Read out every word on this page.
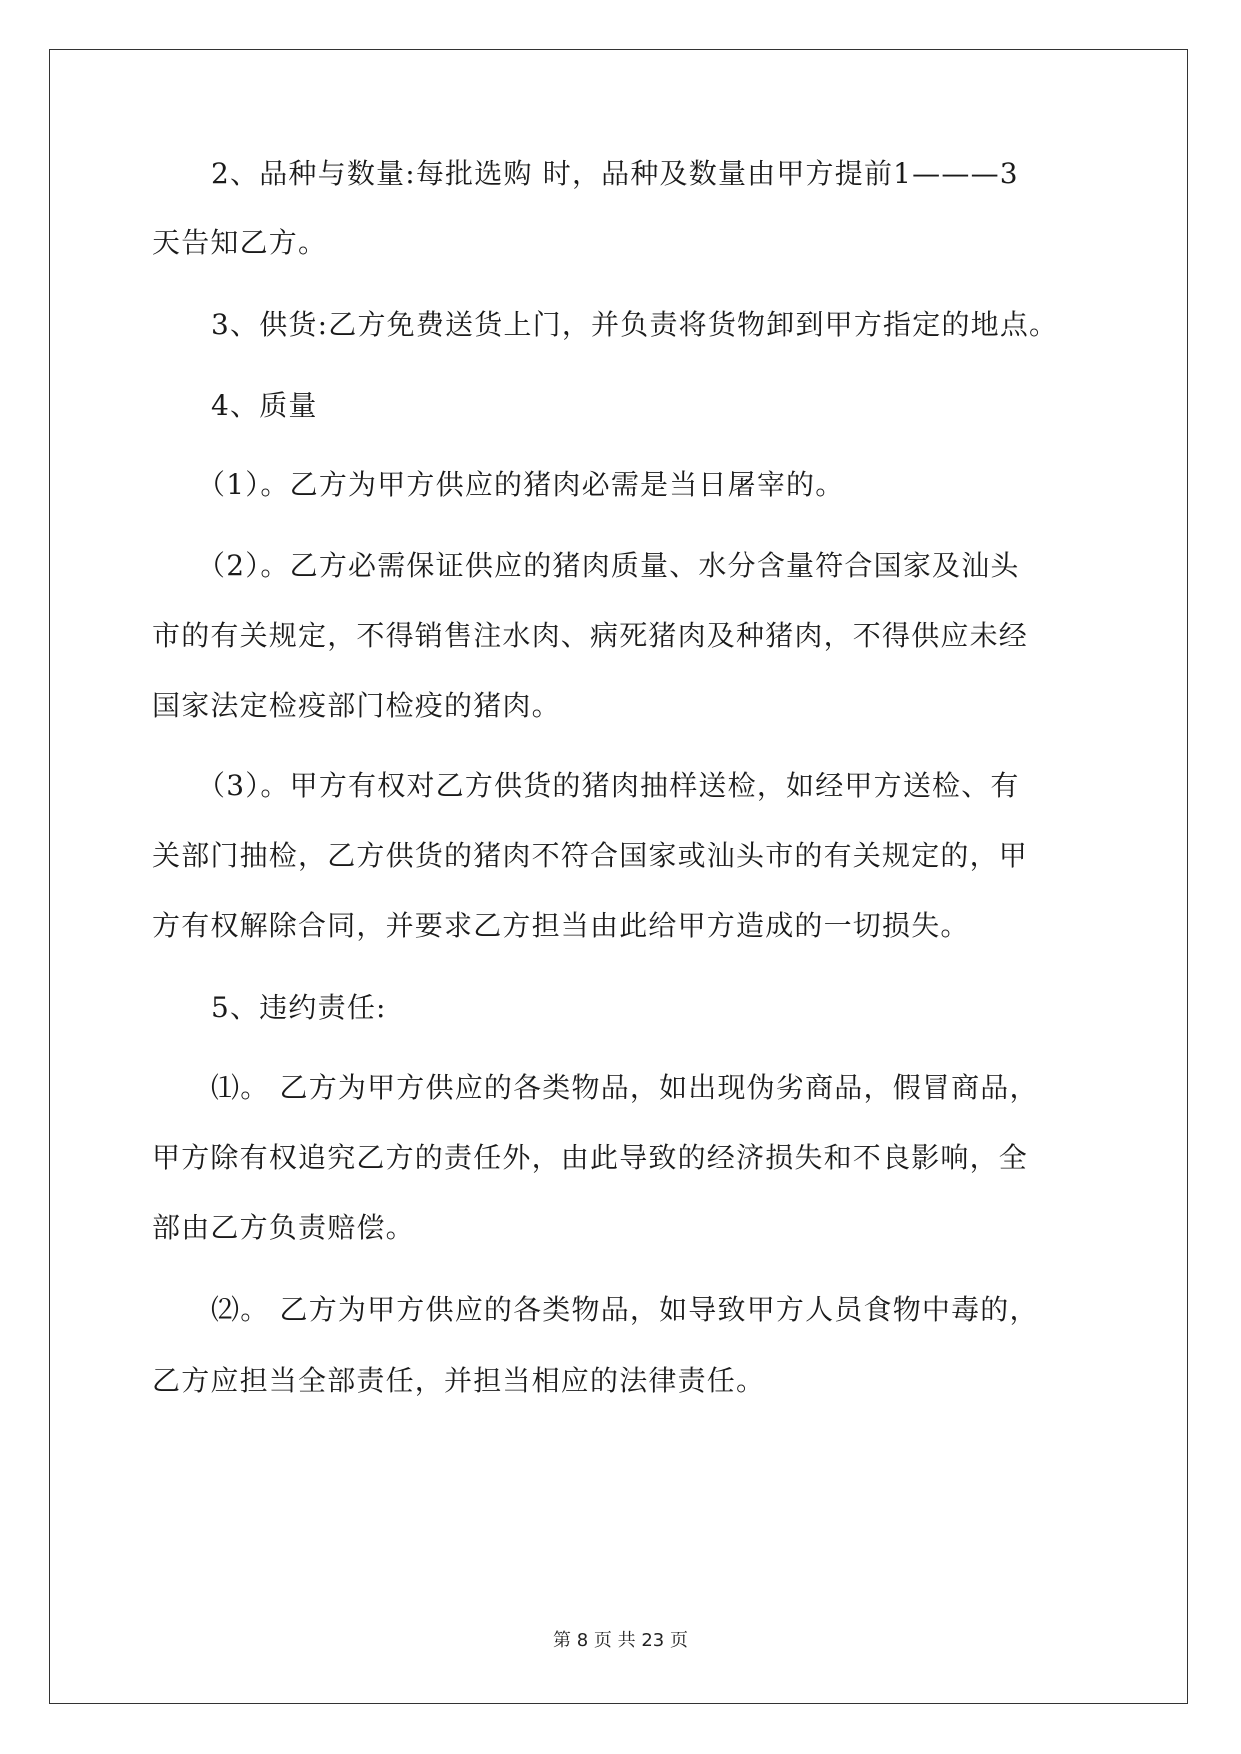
2、品种与数量:每批选购 时，品种及数量由甲方提前1———3
天告知乙方。
3、供货:乙方免费送货上门，并负责将货物卸到甲方指定的地点。
4、质量
（1）。乙方为甲方供应的猪肉必需是当日屠宰的。
（2）。乙方必需保证供应的猪肉质量、水分含量符合国家及汕头
市的有关规定，不得销售注水肉、病死猪肉及种猪肉，不得供应未经
国家法定检疫部门检疫的猪肉。
（3）。甲方有权对乙方供货的猪肉抽样送检，如经甲方送检、有
关部门抽检，乙方供货的猪肉不符合国家或汕头市的有关规定的，甲
方有权解除合同，并要求乙方担当由此给甲方造成的一切损失。
5、违约责任:
⑴。 乙方为甲方供应的各类物品，如出现伪劣商品，假冒商品，
甲方除有权追究乙方的责任外，由此导致的经济损失和不良影响，全
部由乙方负责赔偿。
⑵。 乙方为甲方供应的各类物品，如导致甲方人员食物中毒的，
乙方应担当全部责任，并担当相应的法律责任。
第 8 页 共 23 页
